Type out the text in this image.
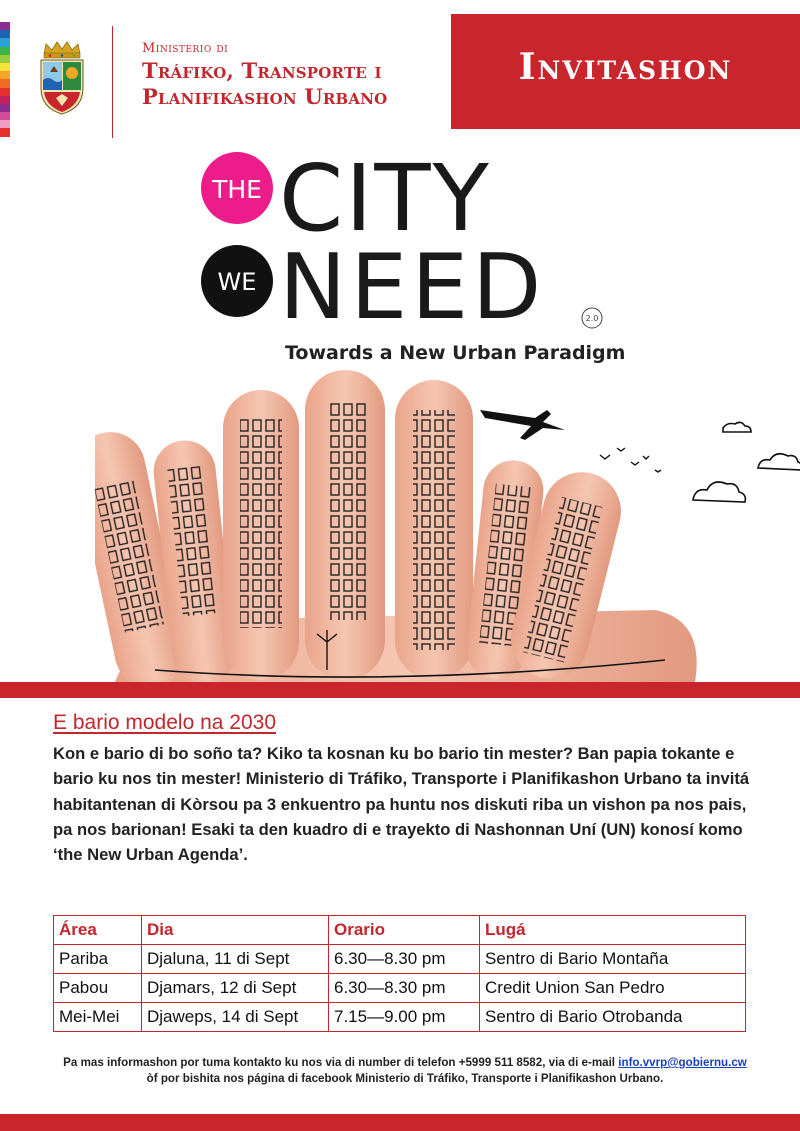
Ministerio di
Tráfiko, Transporte i
Planifikashon Urbano
Invitashon
THE CITY
WE NEED	2.0
Towards a New Urban Paradigm
E bario modelo na 2030

Kon e bario di bo soño ta? Kiko ta kosnan ku bo bario tin mester? Ban papia tokante e bario ku nos tin mester! Ministerio di Tráfiko, Transporte i Planifikashon Urbano ta invitá habitantenan di Kòrsou pa 3 enkuentro pa huntu nos diskuti riba un vishon pa nos pais, pa nos barionan! Esaki ta den kuadro di e trayekto di Nashonnan Uní (UN) konosí komo ‘the New Urban Agenda’.

Área	Dia	Orario	Lugá
Pariba	Djaluna, 11 di Sept	6.30—8.30 pm	Sentro di Bario Montaña
Pabou	Djamars, 12 di Sept	6.30—8.30 pm	Credit Union San Pedro
Mei-Mei	Djaweps, 14 di Sept	7.15—9.00 pm	Sentro di Bario Otrobanda
Pa mas informashon por tuma kontakto ku nos via di number di telefon +5999 511 8582, via di e-mail info.vvrp@gobiernu.cw òf por bishita nos página di facebook Ministerio di Tráfiko, Transporte i Planifikashon Urbano.
